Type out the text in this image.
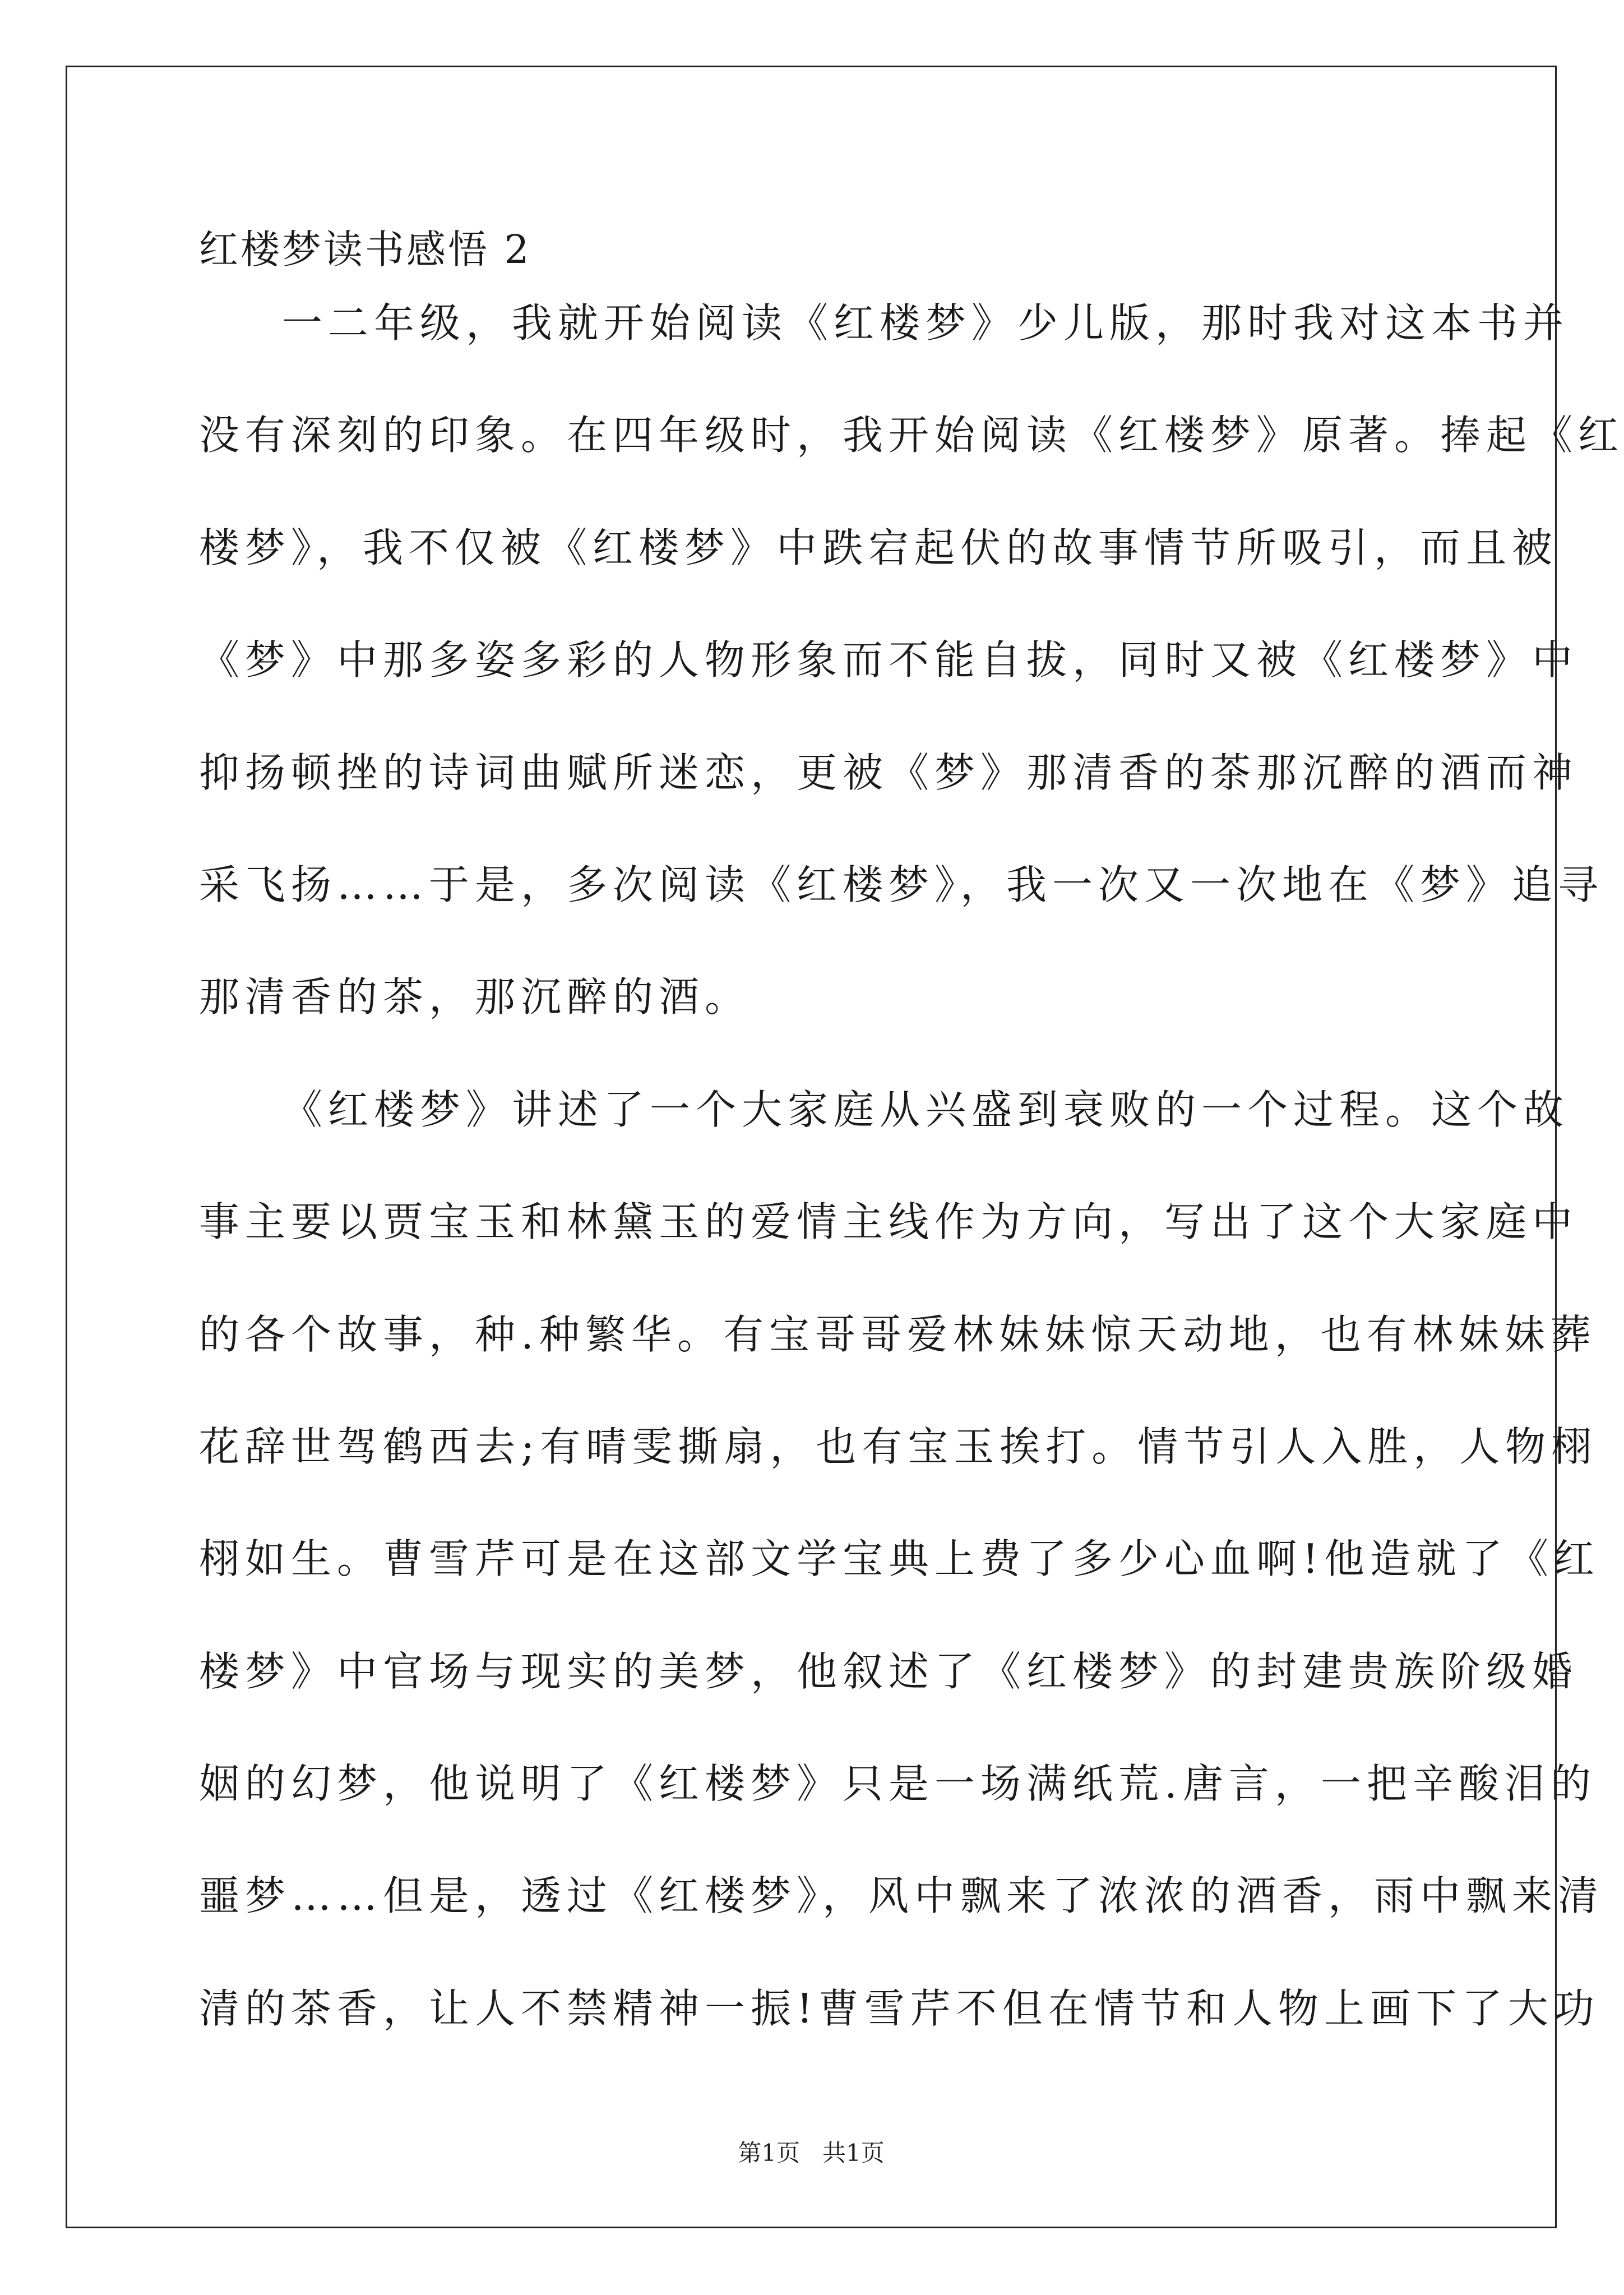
红楼梦读书感悟 2
一二年级，我就开始阅读《红楼梦》少儿版，那时我对这本书并
没有深刻的印象。在四年级时，我开始阅读《红楼梦》原著。捧起《红
楼梦》，我不仅被《红楼梦》中跌宕起伏的故事情节所吸引，而且被
《梦》中那多姿多彩的人物形象而不能自拔，同时又被《红楼梦》中
抑扬顿挫的诗词曲赋所迷恋，更被《梦》那清香的茶那沉醉的酒而神
采飞扬……于是，多次阅读《红楼梦》，我一次又一次地在《梦》追寻
那清香的茶，那沉醉的酒。
《红楼梦》讲述了一个大家庭从兴盛到衰败的一个过程。这个故
事主要以贾宝玉和林黛玉的爱情主线作为方向，写出了这个大家庭中
的各个故事，种.种繁华。有宝哥哥爱林妹妹惊天动地，也有林妹妹葬
花辞世驾鹤西去;有晴雯撕扇，也有宝玉挨打。情节引人入胜，人物栩
栩如生。曹雪芹可是在这部文学宝典上费了多少心血啊!他造就了《红
楼梦》中官场与现实的美梦，他叙述了《红楼梦》的封建贵族阶级婚
姻的幻梦，他说明了《红楼梦》只是一场满纸荒.唐言，一把辛酸泪的
噩梦……但是，透过《红楼梦》，风中飘来了浓浓的酒香，雨中飘来清
清的茶香，让人不禁精神一振!曹雪芹不但在情节和人物上画下了大功
第1页   共1页
